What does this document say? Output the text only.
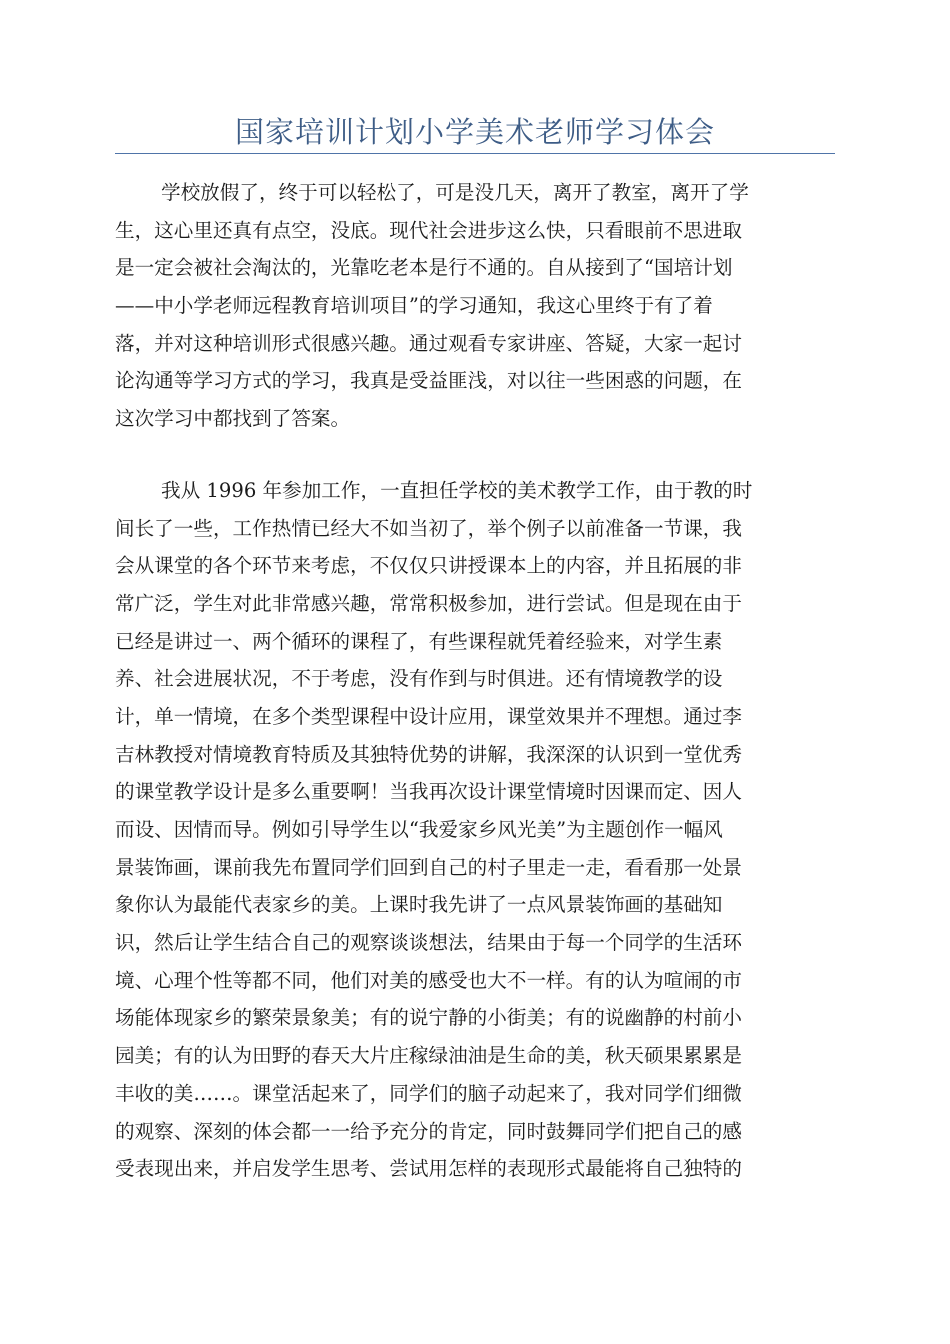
国家培训计划小学美术老师学习体会
学校放假了，终于可以轻松了，可是没几天，离开了教室，离开了学
生，这心里还真有点空，没底。现代社会进步这么快，只看眼前不思进取
是一定会被社会淘汰的，光靠吃老本是行不通的。自从接到了“国培计划
——中小学老师远程教育培训项目”的学习通知，我这心里终于有了着
落，并对这种培训形式很感兴趣。通过观看专家讲座、答疑，大家一起讨
论沟通等学习方式的学习，我真是受益匪浅，对以往一些困惑的问题，在
这次学习中都找到了答案。
我从 1996 年参加工作，一直担任学校的美术教学工作，由于教的时
间长了一些，工作热情已经大不如当初了，举个例子以前准备一节课，我
会从课堂的各个环节来考虑，不仅仅只讲授课本上的内容，并且拓展的非
常广泛，学生对此非常感兴趣，常常积极参加，进行尝试。但是现在由于
已经是讲过一、两个循环的课程了，有些课程就凭着经验来，对学生素
养、社会进展状况，不于考虑，没有作到与时俱进。还有情境教学的设
计，单一情境，在多个类型课程中设计应用，课堂效果并不理想。通过李
吉林教授对情境教育特质及其独特优势的讲解，我深深的认识到一堂优秀
的课堂教学设计是多么重要啊！当我再次设计课堂情境时因课而定、因人
而设、因情而导。例如引导学生以“我爱家乡风光美”为主题创作一幅风
景装饰画，课前我先布置同学们回到自己的村子里走一走，看看那一处景
象你认为最能代表家乡的美。上课时我先讲了一点风景装饰画的基础知
识，然后让学生结合自己的观察谈谈想法，结果由于每一个同学的生活环
境、心理个性等都不同，他们对美的感受也大不一样。有的认为喧闹的市
场能体现家乡的繁荣景象美；有的说宁静的小街美；有的说幽静的村前小
园美；有的认为田野的春天大片庄稼绿油油是生命的美，秋天硕果累累是
丰收的美……。课堂活起来了，同学们的脑子动起来了，我对同学们细微
的观察、深刻的体会都一一给予充分的肯定，同时鼓舞同学们把自己的感
受表现出来，并启发学生思考、尝试用怎样的表现形式最能将自己独特的
